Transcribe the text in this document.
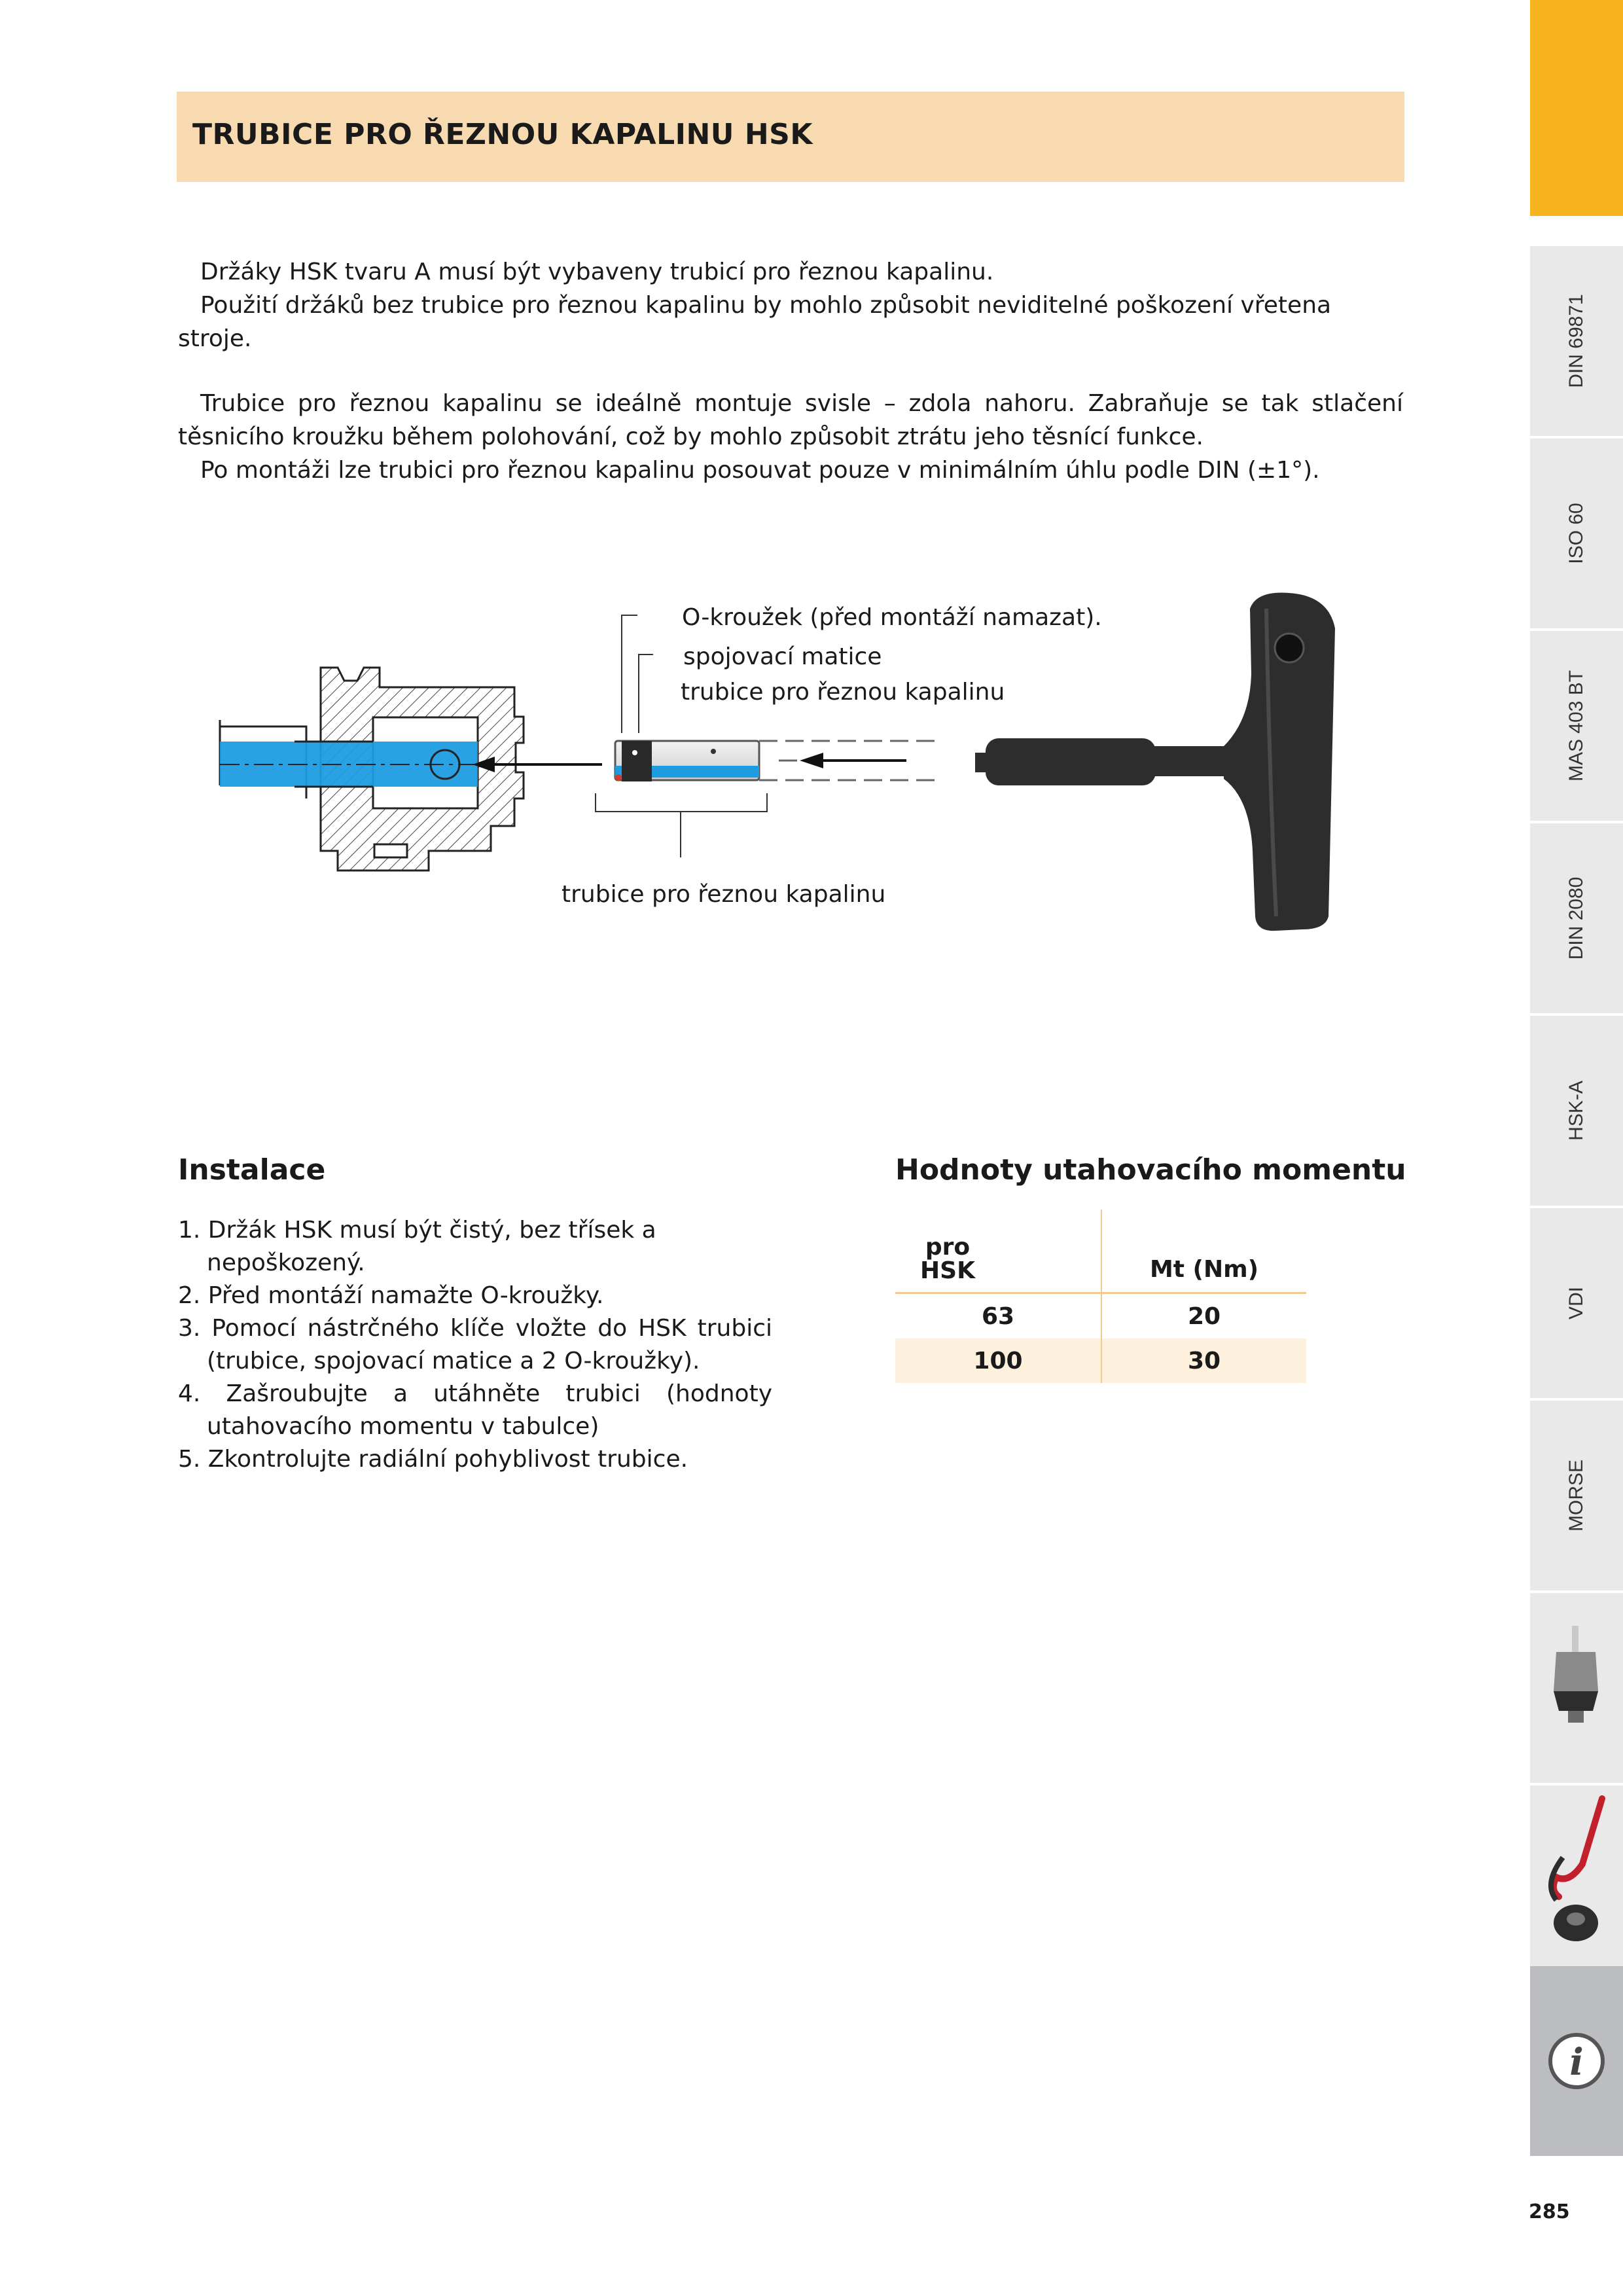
TRUBICE PRO ŘEZNOU KAPALINU HSK

Držáky HSK tvaru A musí být vybaveny trubicí pro řeznou kapalinu.

Použití držáků bez trubice pro řeznou kapalinu by mohlo způsobit neviditelné poškození vřetena stroje.

Trubice pro řeznou kapalinu se ideálně montuje svisle – zdola nahoru. Zabraňuje se tak stlačení těsnicího kroužku během polohování, což by mohlo způsobit ztrátu jeho těsnící funkce.

Po montáži lze trubici pro řeznou kapalinu posouvat pouze v minimálním úhlu podle DIN (±1°).

O-kroužek (před montáží namazat).
spojovací matice
trubice pro řeznou kapalinu
trubice pro řeznou kapalinu
Instalace
1. Držák HSK musí být čistý, bez třísek a nepoškozený.
2. Před montáží namažte O-kroužky.
3. Pomocí nástrčného klíče vložte do HSK trubici (trubice, spojovací matice a 2 O-kroužky).
4. Zašroubujte a utáhněte trubici (hodnoty utahovacího momentu v tabulce)
5. Zkontrolujte radiální pohyblivost trubice.
Hodnoty utahovacího momentu
pro HSK	Mt (Nm)
63	20
100	30
DIN 69871
ISO 60
MAS 403 BT
DIN 2080
HSK-A
VDI
MORSE
i
285
